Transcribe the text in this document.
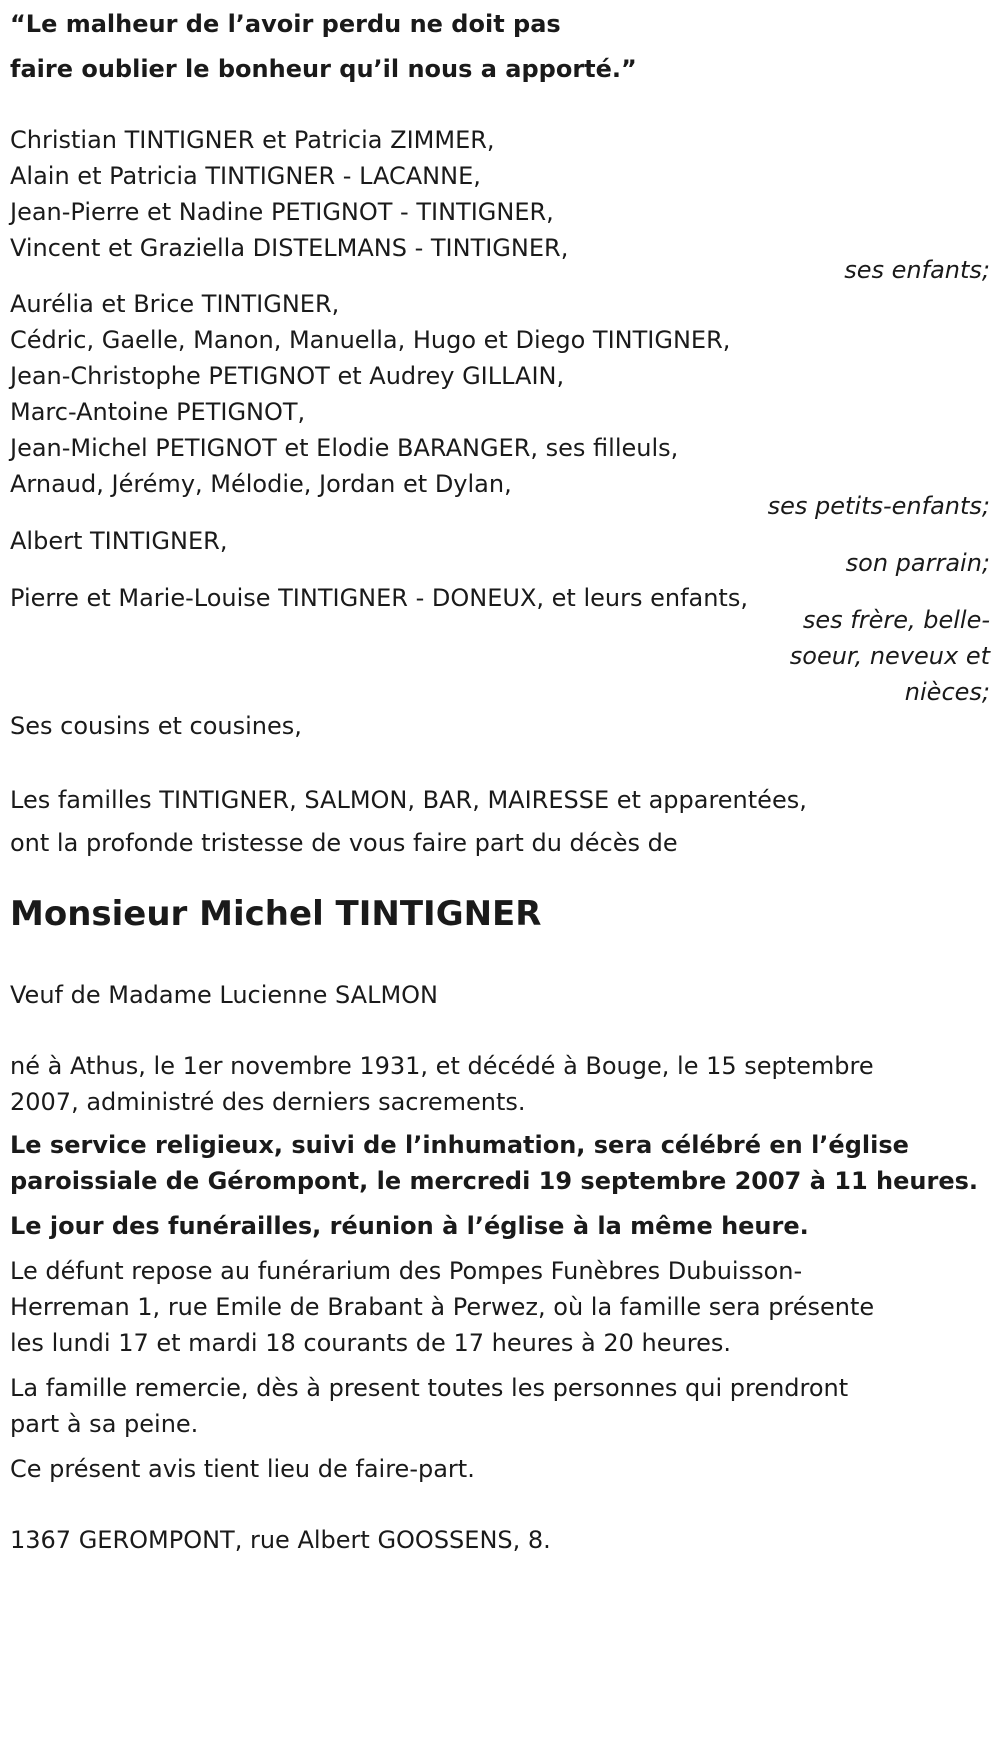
“Le malheur de l’avoir perdu ne doit pas
faire oublier le bonheur qu’il nous a apporté.”
Christian TINTIGNER et Patricia ZIMMER,
Alain et Patricia TINTIGNER - LACANNE,
Jean-Pierre et Nadine PETIGNOT - TINTIGNER,
Vincent et Graziella DISTELMANS - TINTIGNER,
ses enfants;
Aurélia et Brice TINTIGNER,
Cédric, Gaelle, Manon, Manuella, Hugo et Diego TINTIGNER,
Jean-Christophe PETIGNOT et Audrey GILLAIN,
Marc-Antoine PETIGNOT,
Jean-Michel PETIGNOT et Elodie BARANGER, ses filleuls,
Arnaud, Jérémy, Mélodie, Jordan et Dylan,
ses petits-enfants;
Albert TINTIGNER,
son parrain;
Pierre et Marie-Louise TINTIGNER - DONEUX, et leurs enfants,
ses frère, belle-
soeur, neveux et
nièces;
Ses cousins et cousines,
Les familles TINTIGNER, SALMON, BAR, MAIRESSE et apparentées,
ont la profonde tristesse de vous faire part du décès de
Monsieur Michel TINTIGNER
Veuf de Madame Lucienne SALMON
né à Athus, le 1er novembre 1931, et décédé à Bouge, le 15 septembre
2007, administré des derniers sacrements.
Le service religieux, suivi de l’inhumation, sera célébré en l’église
paroissiale de Gérompont, le mercredi 19 septembre 2007 à 11 heures.
Le jour des funérailles, réunion à l’église à la même heure.
Le défunt repose au funérarium des Pompes Funèbres Dubuisson-
Herreman 1, rue Emile de Brabant à Perwez, où la famille sera présente
les lundi 17 et mardi 18 courants de 17 heures à 20 heures.
La famille remercie, dès à present toutes les personnes qui prendront
part à sa peine.
Ce présent avis tient lieu de faire-part.
1367 GEROMPONT, rue Albert GOOSSENS, 8.
